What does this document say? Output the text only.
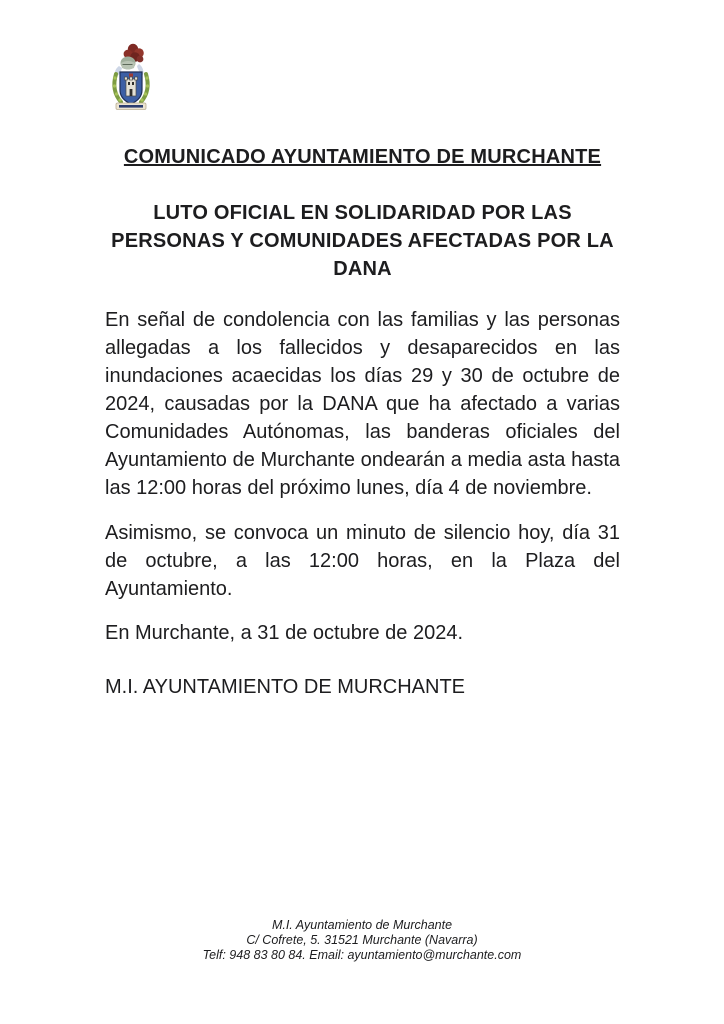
COMUNICADO AYUNTAMIENTO DE MURCHANTE
LUTO OFICIAL EN SOLIDARIDAD POR LAS PERSONAS Y COMUNIDADES AFECTADAS POR LA DANA

En señal de condolencia con las familias y las personas allegadas a los fallecidos y desaparecidos en las inundaciones acaecidas los días 29 y 30 de octubre de 2024, causadas por la DANA que ha afectado a varias Comunidades Autónomas, las banderas oficiales del Ayuntamiento de Murchante ondearán a media asta hasta las 12:00 horas del próximo lunes, día 4 de noviembre.

Asimismo, se convoca un minuto de silencio hoy, día 31 de octubre, a las 12:00 horas, en la Plaza del Ayuntamiento.

En Murchante, a 31 de octubre de 2024.

M.I. AYUNTAMIENTO DE MURCHANTE

M.I. Ayuntamiento de Murchante
C/ Cofrete, 5. 31521 Murchante (Navarra)
Telf: 948 83 80 84. Email: ayuntamiento@murchante.com
